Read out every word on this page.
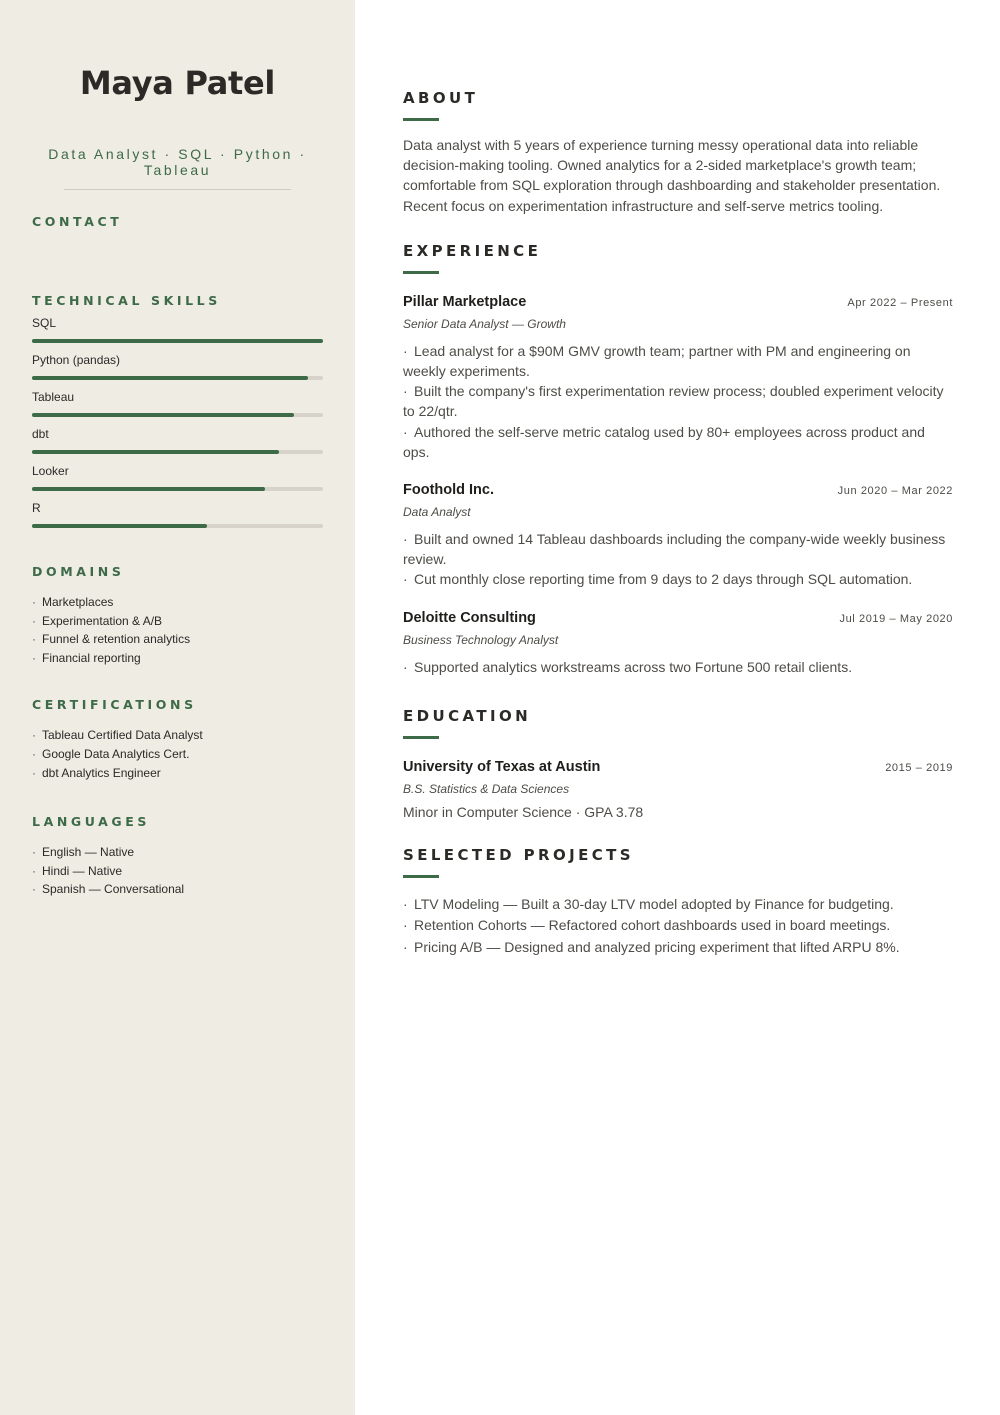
Maya Patel
Data Analyst · SQL · Python · Tableau
CONTACT
TECHNICAL SKILLS
SQL
Python (pandas)
Tableau
dbt
Looker
R
DOMAINS
· Marketplaces
· Experimentation & A/B
· Funnel & retention analytics
· Financial reporting
CERTIFICATIONS
· Tableau Certified Data Analyst
· Google Data Analytics Cert.
· dbt Analytics Engineer
LANGUAGES
· English — Native
· Hindi — Native
· Spanish — Conversational
ABOUT

Data analyst with 5 years of experience turning messy operational data into reliable decision-making tooling. Owned analytics for a 2-sided marketplace's growth team; comfortable from SQL exploration through dashboarding and stakeholder presentation. Recent focus on experimentation infrastructure and self-serve metrics tooling.

EXPERIENCE
Pillar Marketplace	Apr 2022 – Present
Senior Data Analyst — Growth
· Lead analyst for a $90M GMV growth team; partner with PM and engineering on weekly experiments.
· Built the company's first experimentation review process; doubled experiment velocity to 22/qtr.
· Authored the self-serve metric catalog used by 80+ employees across product and ops.
Foothold Inc.	Jun 2020 – Mar 2022
Data Analyst
· Built and owned 14 Tableau dashboards including the company-wide weekly business review.
· Cut monthly close reporting time from 9 days to 2 days through SQL automation.
Deloitte Consulting	Jul 2019 – May 2020
Business Technology Analyst
· Supported analytics workstreams across two Fortune 500 retail clients.
EDUCATION
University of Texas at Austin	2015 – 2019
B.S. Statistics & Data Sciences
Minor in Computer Science · GPA 3.78
SELECTED PROJECTS
· LTV Modeling — Built a 30-day LTV model adopted by Finance for budgeting.
· Retention Cohorts — Refactored cohort dashboards used in board meetings.
· Pricing A/B — Designed and analyzed pricing experiment that lifted ARPU 8%.
